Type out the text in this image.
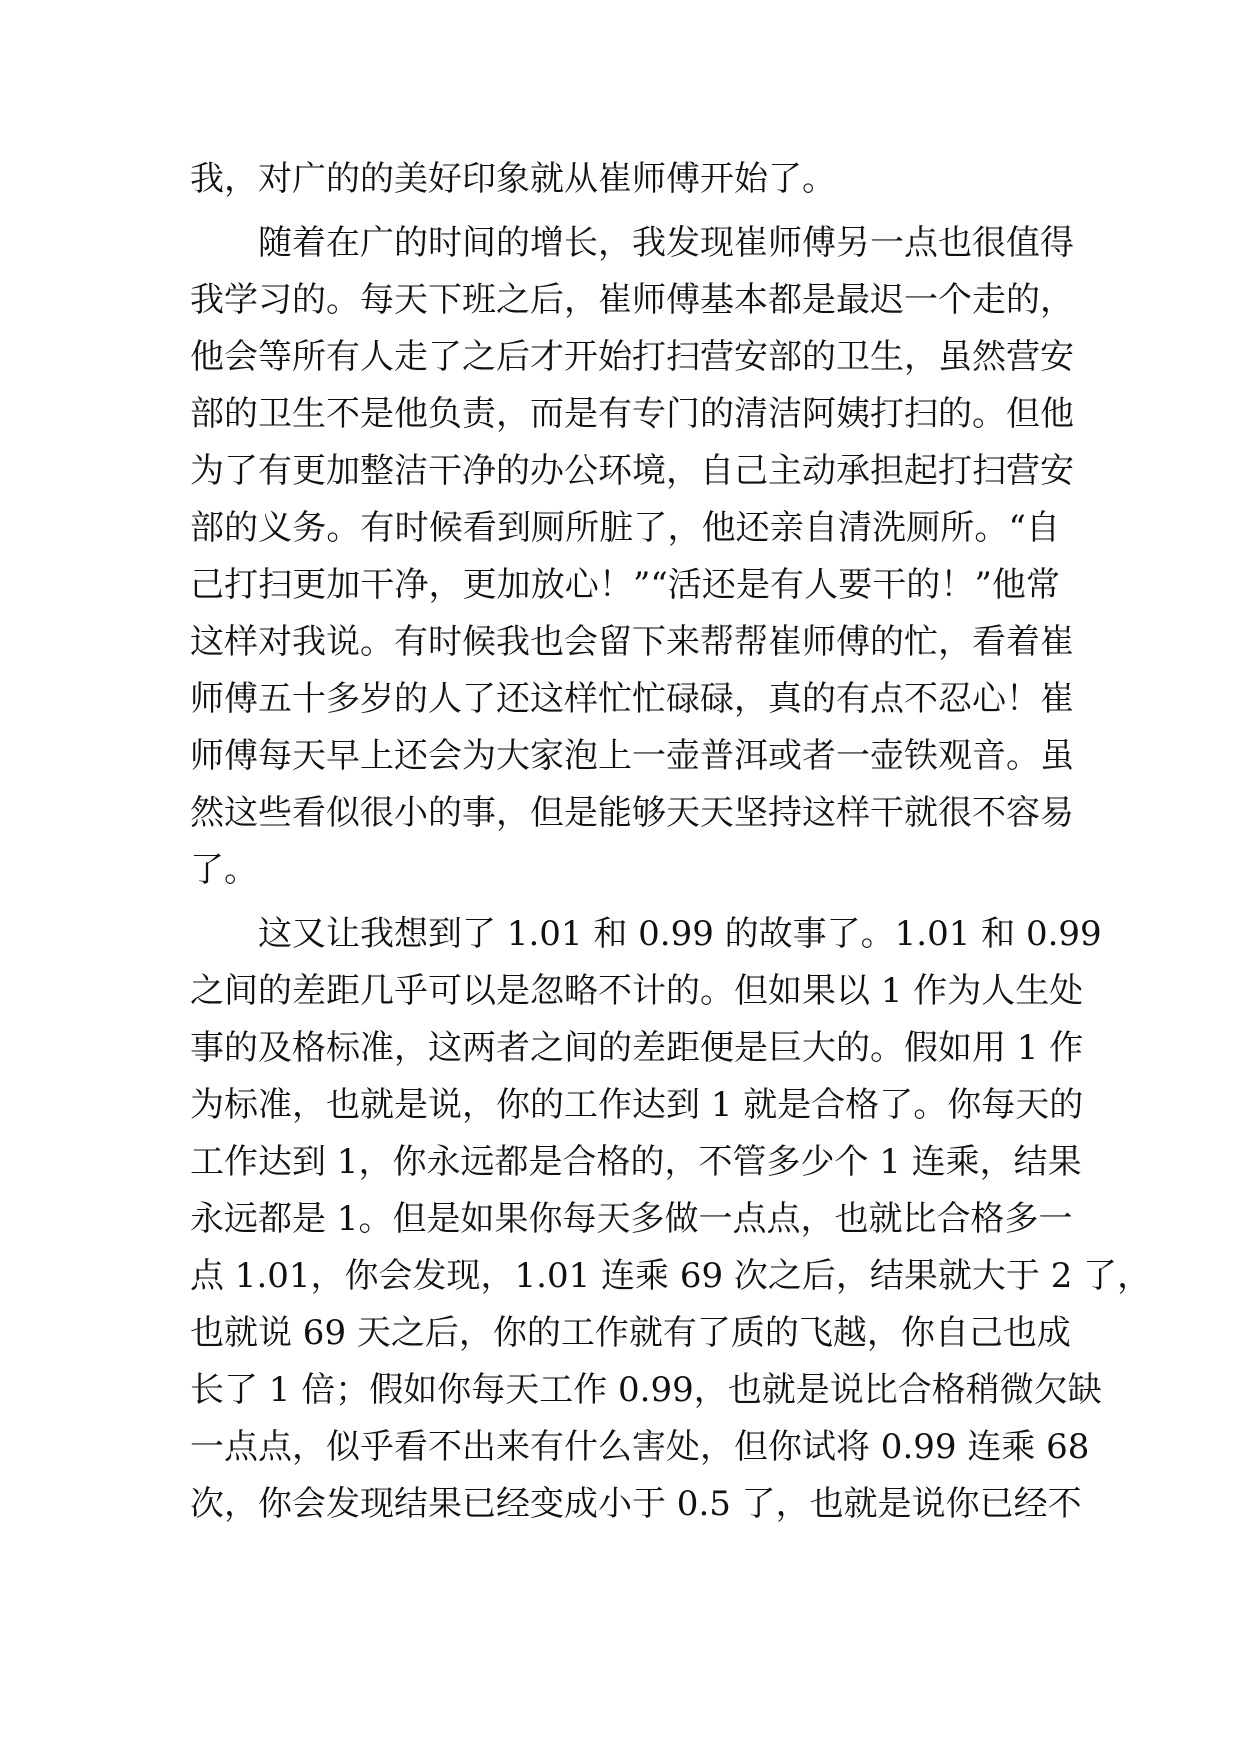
我，对广的的美好印象就从崔师傅开始了。
随着在广的时间的增长，我发现崔师傅另一点也很值得
我学习的。每天下班之后，崔师傅基本都是最迟一个走的，
他会等所有人走了之后才开始打扫营安部的卫生，虽然营安
部的卫生不是他负责，而是有专门的清洁阿姨打扫的。但他
为了有更加整洁干净的办公环境，自己主动承担起打扫营安
部的义务。有时候看到厕所脏了，他还亲自清洗厕所。“自
己打扫更加干净，更加放心！”“活还是有人要干的！”他常
这样对我说。有时候我也会留下来帮帮崔师傅的忙，看着崔
师傅五十多岁的人了还这样忙忙碌碌，真的有点不忍心！崔
师傅每天早上还会为大家泡上一壶普洱或者一壶铁观音。虽
然这些看似很小的事，但是能够天天坚持这样干就很不容易
了。
这又让我想到了 1.01 和 0.99 的故事了。1.01 和 0.99
之间的差距几乎可以是忽略不计的。但如果以 1 作为人生处
事的及格标准，这两者之间的差距便是巨大的。假如用 1 作
为标准，也就是说，你的工作达到 1 就是合格了。你每天的
工作达到 1，你永远都是合格的，不管多少个 1 连乘，结果
永远都是 1。但是如果你每天多做一点点，也就比合格多一
点 1.01，你会发现，1.01 连乘 69 次之后，结果就大于 2 了，
也就说 69 天之后，你的工作就有了质的飞越，你自己也成
长了 1 倍；假如你每天工作 0.99，也就是说比合格稍微欠缺
一点点，似乎看不出来有什么害处，但你试将 0.99 连乘 68
次，你会发现结果已经变成小于 0.5 了，也就是说你已经不
